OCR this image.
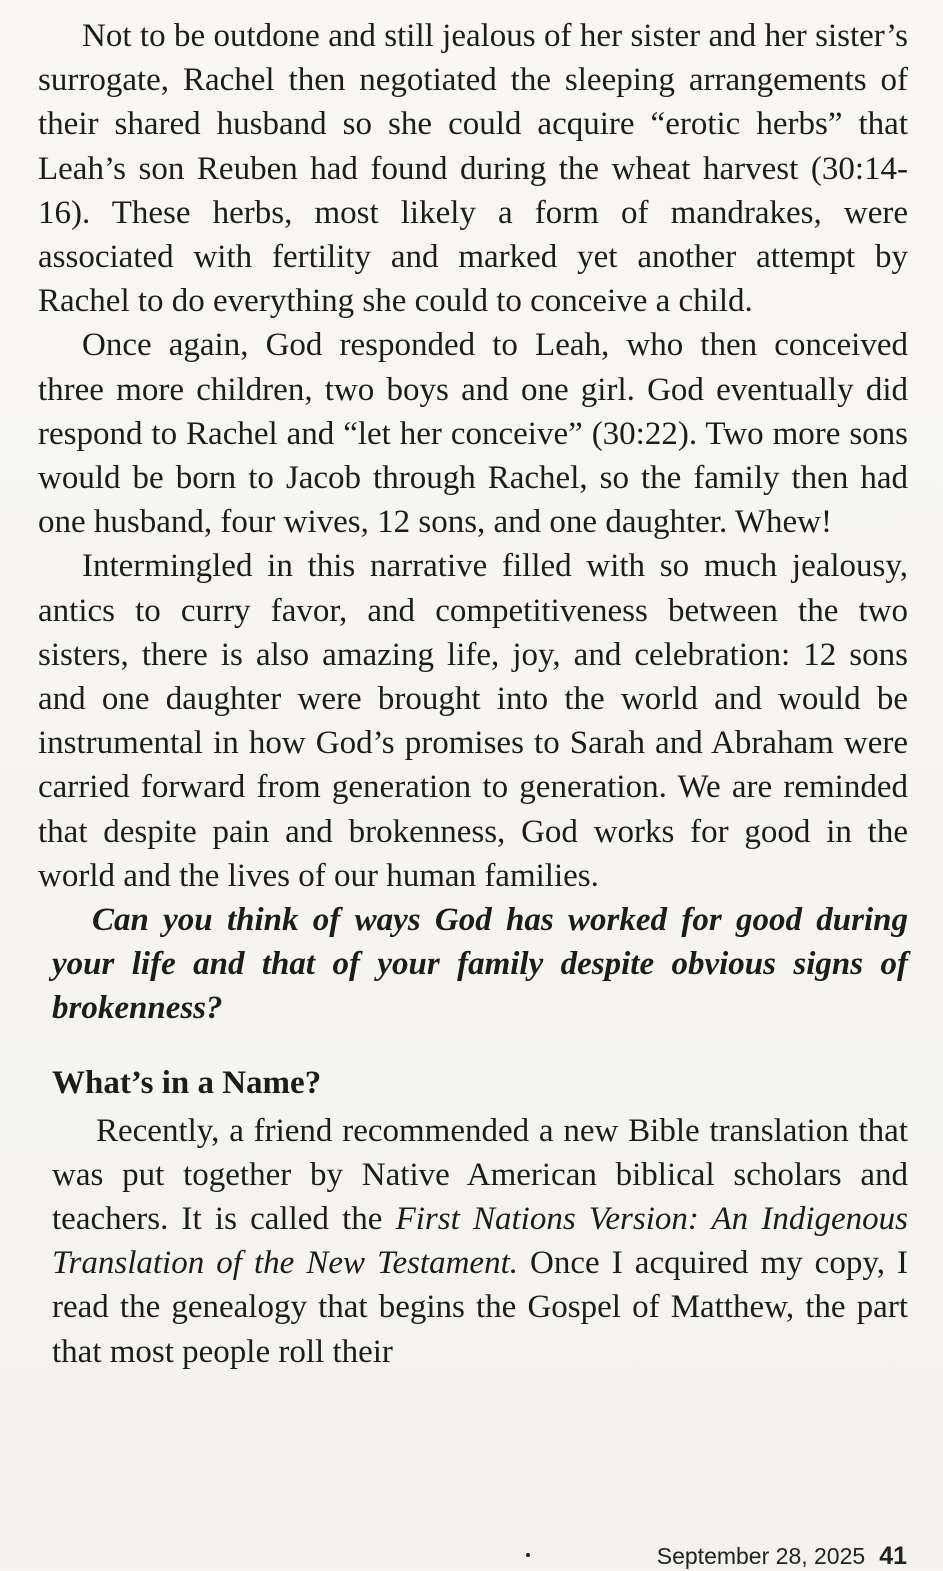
Not to be outdone and still jealous of her sister and her sister’s surrogate, Rachel then negotiated the sleeping arrangements of their shared husband so she could acquire “erotic herbs” that Leah’s son Reuben had found during the wheat harvest (30:14-16). These herbs, most likely a form of mandrakes, were associated with fertility and marked yet another attempt by Rachel to do everything she could to conceive a child.

Once again, God responded to Leah, who then conceived three more children, two boys and one girl. God eventually did respond to Rachel and “let her conceive” (30:22). Two more sons would be born to Jacob through Rachel, so the family then had one husband, four wives, 12 sons, and one daughter. Whew!

Intermingled in this narrative filled with so much jealousy, antics to curry favor, and competitiveness between the two sisters, there is also amazing life, joy, and celebration: 12 sons and one daughter were brought into the world and would be instrumental in how God’s promises to Sarah and Abraham were carried forward from generation to generation. We are reminded that despite pain and brokenness, God works for good in the world and the lives of our human families.

Can you think of ways God has worked for good during your life and that of your family despite obvious signs of brokenness?

What’s in a Name?

Recently, a friend recommended a new Bible translation that was put together by Native American biblical scholars and teachers. It is called the First Nations Version: An Indigenous Translation of the New Testament. Once I acquired my copy, I read the genealogy that begins the Gospel of Matthew, the part that most people roll their

September 28, 2025 41
